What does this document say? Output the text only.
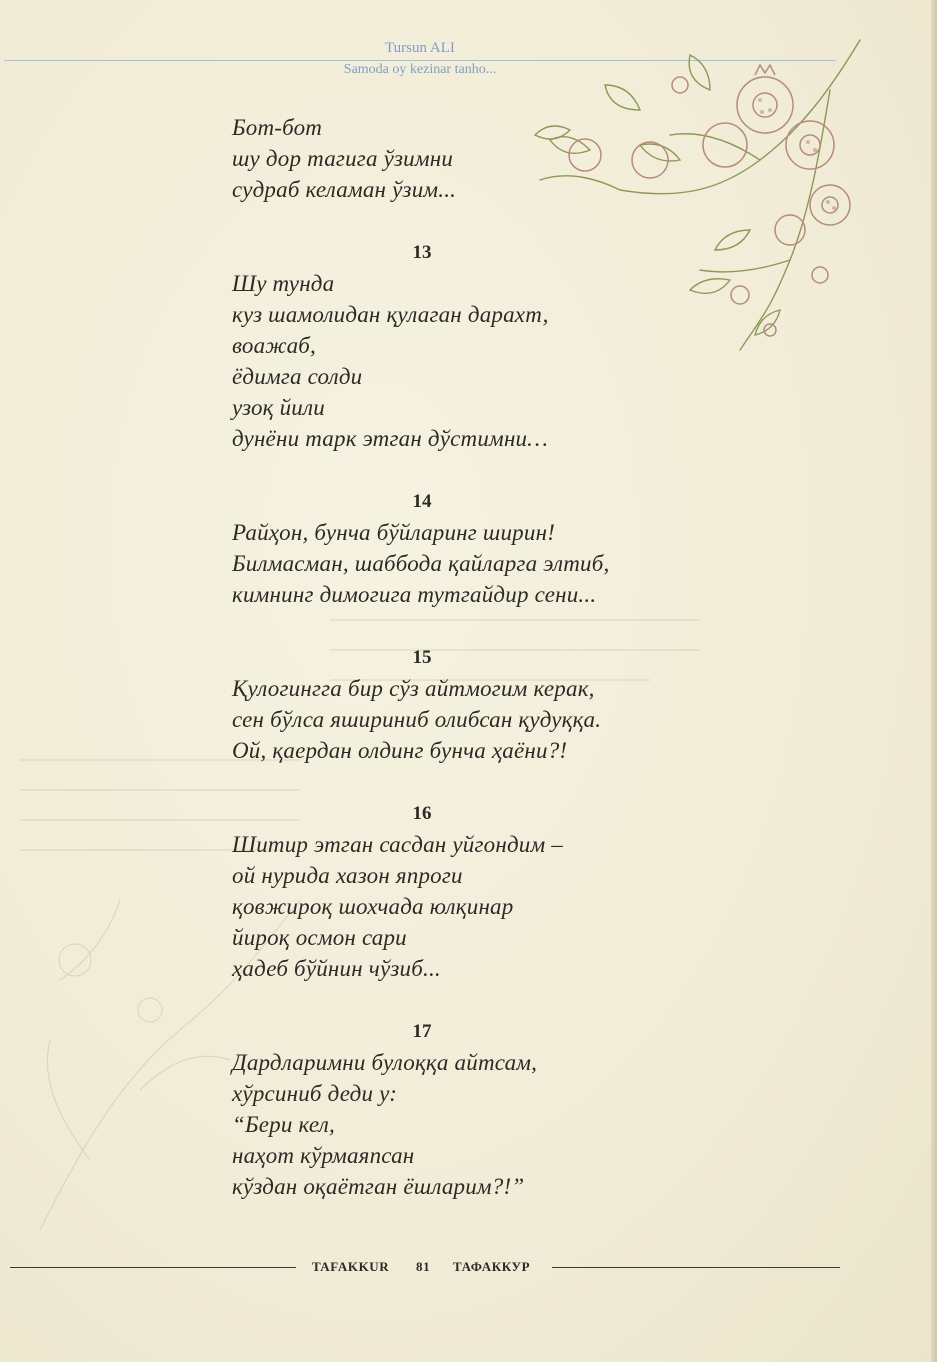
Tursun ALI
Samoda oy kezinar tanho...
Бот-бот
шу дор тагига ўзимни
судраб келаман ўзим...
13
Шу тунда
куз шамолидан қулаган дарахт,
воажаб,
ёдимга солди
узоқ йили
дунёни тарк этган дўстимни…
14
Райҳон, бунча бўйларинг ширин!
Билмасман, шаббода қайларга элтиб,
кимнинг димогига тутгайдир сени...
15
Қулогингга бир сўз айтмогим керак,
сен бўлса яшириниб олибсан қудуққа.
Ой, қаердан олдинг бунча ҳаёни?!
16
Шитир этган сасдан уйгондим –
ой нурида хазон япроги
қовжироқ шохчада юлқинар
йироқ осмон сари
ҳадеб бўйнин чўзиб...
17
Дардларимни булоққа айтсам,
хўрсиниб деди у:
“Бери кел,
наҳот кўрмаяпсан
кўздан оқаётган ёшларим?!”
TAFAKKUR 81 ТАФАККУР
